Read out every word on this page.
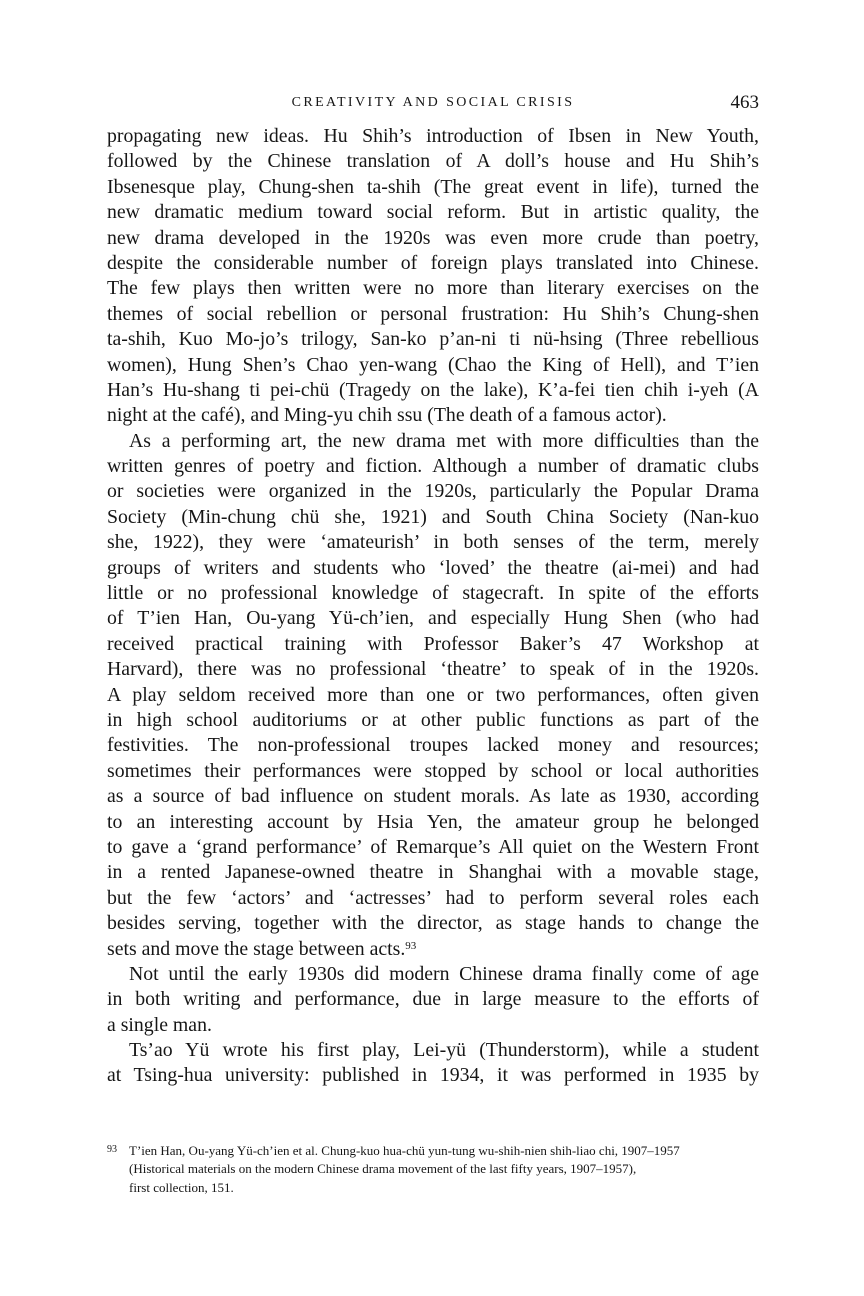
CREATIVITY AND SOCIAL CRISIS	463
propagating new ideas. Hu Shih’s introduction of Ibsen in New Youth,
followed by the Chinese translation of A doll’s house and Hu Shih’s
Ibsenesque play, Chung-shen ta-shih (The great event in life), turned the
new dramatic medium toward social reform. But in artistic quality, the
new drama developed in the 1920s was even more crude than poetry,
despite the considerable number of foreign plays translated into Chinese.
The few plays then written were no more than literary exercises on the
themes of social rebellion or personal frustration: Hu Shih’s Chung-shen
ta-shih, Kuo Mo-jo’s trilogy, San-ko p’an-ni ti nü-hsing (Three rebellious
women), Hung Shen’s Chao yen-wang (Chao the King of Hell), and T’ien
Han’s Hu-shang ti pei-chü (Tragedy on the lake), K’a-fei tien chih i-yeh (A
night at the café), and Ming-yu chih ssu (The death of a famous actor).
As a performing art, the new drama met with more difficulties than the
written genres of poetry and fiction. Although a number of dramatic clubs
or societies were organized in the 1920s, particularly the Popular Drama
Society (Min-chung chü she, 1921) and South China Society (Nan-kuo
she, 1922), they were ‘amateurish’ in both senses of the term, merely
groups of writers and students who ‘loved’ the theatre (ai-mei) and had
little or no professional knowledge of stagecraft. In spite of the efforts
of T’ien Han, Ou-yang Yü-ch’ien, and especially Hung Shen (who had
received practical training with Professor Baker’s 47 Workshop at
Harvard), there was no professional ‘theatre’ to speak of in the 1920s.
A play seldom received more than one or two performances, often given
in high school auditoriums or at other public functions as part of the
festivities. The non-professional troupes lacked money and resources;
sometimes their performances were stopped by school or local authorities
as a source of bad influence on student morals. As late as 1930, according
to an interesting account by Hsia Yen, the amateur group he belonged
to gave a ‘grand performance’ of Remarque’s All quiet on the Western Front
in a rented Japanese-owned theatre in Shanghai with a movable stage,
but the few ‘actors’ and ‘actresses’ had to perform several roles each
besides serving, together with the director, as stage hands to change the
sets and move the stage between acts.$^{93}$
Not until the early 1930s did modern Chinese drama finally come of age
in both writing and performance, due in large measure to the efforts of
a single man.
Ts’ao Yü wrote his first play, Lei-yü (Thunderstorm), while a student
at Tsing-hua university: published in 1934, it was performed in 1935 by
93 T’ien Han, Ou-yang Yü-ch’ien et al. Chung-kuo hua-chü yun-tung wu-shih-nien shih-liao chi, 1907–1957
(Historical materials on the modern Chinese drama movement of the last fifty years, 1907–1957),
first collection, 151.
